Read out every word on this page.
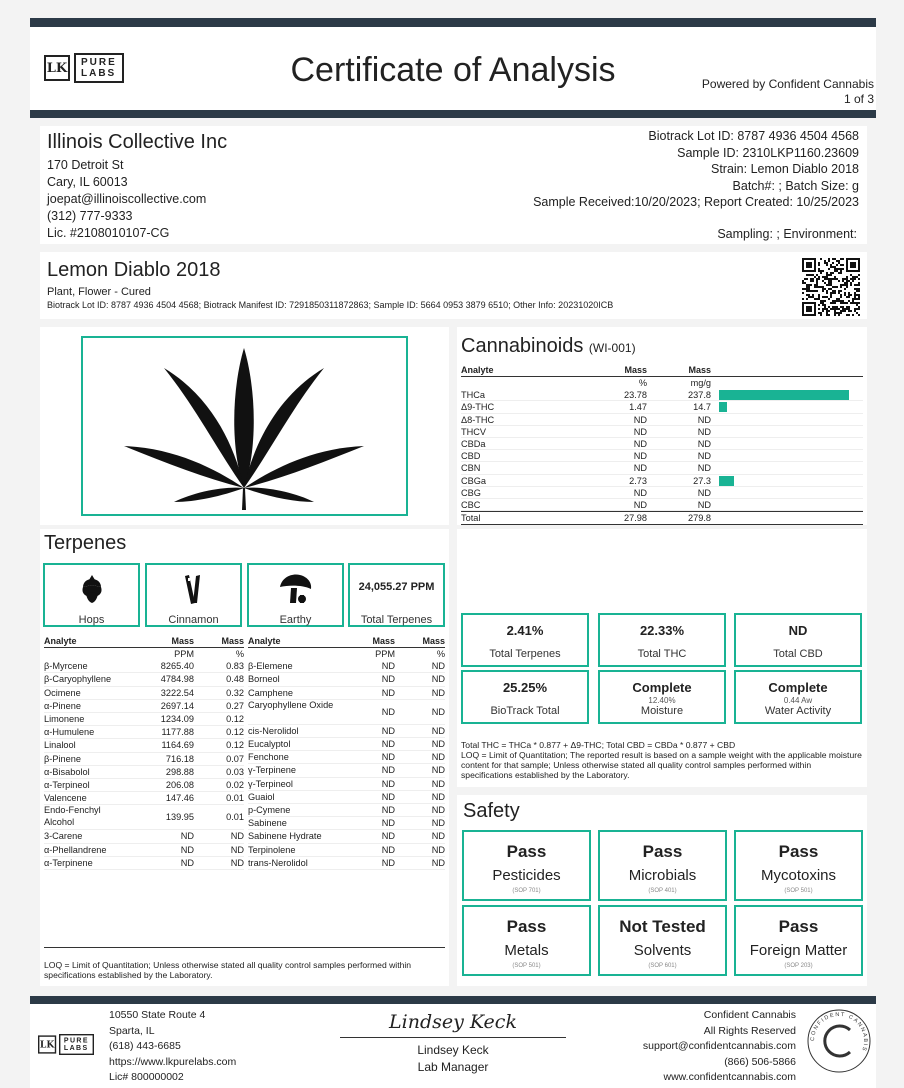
LK PURE
LABS	Certificate of Analysis	Powered by Confident Cannabis
1 of 3
Illinois Collective Inc
170 Detroit St
Cary, IL 60013
joepat@illinoiscollective.com
(312) 777-9333
Lic. #2108010107-CG
Biotrack Lot ID: 8787 4936 4504 4568
Sample ID: 2310LKP1160.23609
Strain: Lemon Diablo 2018
Batch#: ; Batch Size: g
Sample Received:10/20/2023; Report Created: 10/25/2023
Sampling: ; Environment:
Lemon Diablo 2018
Plant, Flower - Cured
Biotrack Lot ID: 8787 4936 4504 4568; Biotrack Manifest ID: 7291850311872863; Sample ID: 5664 0953 3879 6510; Other Info: 20231020ICB
Cannabinoids (WI-001)
Analyte	Mass	Mass
%	mg/g
THCa	23.78	237.8
Δ9-THC	1.47	14.7
Δ8-THC	ND	ND
THCV	ND	ND
CBDa	ND	ND
CBD	ND	ND
CBN	ND	ND
CBGa	2.73	27.3
CBG	ND	ND
CBC	ND	ND
Total	27.98	279.8
Terpenes
Hops	Cinnamon	Earthy
24,055.27 PPM
Total Terpenes
Analyte	Mass	Mass
PPM	%
β-Myrcene	8265.40	0.83
β-Caryophyllene	4784.98	0.48
Ocimene	3222.54	0.32
α-Pinene	2697.14	0.27
Limonene	1234.09	0.12
α-Humulene	1177.88	0.12
Linalool	1164.69	0.12
β-Pinene	716.18	0.07
α-Bisabolol	298.88	0.03
α-Terpineol	206.08	0.02
Valencene	147.46	0.01
Endo-Fenchyl Alcohol	139.95	0.01
3-Carene	ND	ND
α-Phellandrene	ND	ND
α-Terpinene	ND	ND
Analyte	Mass	Mass
PPM	%
β-Elemene	ND	ND
Borneol	ND	ND
Camphene	ND	ND
Caryophyllene Oxide
ND	ND
cis-Nerolidol	ND	ND
Eucalyptol	ND	ND
Fenchone	ND	ND
γ-Terpinene	ND	ND
γ-Terpineol	ND	ND
Guaiol	ND	ND
p-Cymene	ND	ND
Sabinene	ND	ND
Sabinene Hydrate	ND	ND
Terpinolene	ND	ND
trans-Nerolidol	ND	ND
LOQ = Limit of Quantitation; Unless otherwise stated all quality control samples performed within specifications established by the Laboratory.
2.41%
Total Terpenes
22.33%
Total THC
ND
Total CBD
25.25%
BioTrack Total
Complete
12.40%
Moisture
Complete
0.44 Aw
Water Activity
Total THC = THCa * 0.877 + Δ9-THC; Total CBD = CBDa * 0.877 + CBD
LOQ = Limit of Quantitation; The reported result is based on a sample weight with the applicable moisture content for that sample; Unless otherwise stated all quality control samples performed within specifications established by the Laboratory.
Safety
Pass
Pesticides
(SOP 701)
Pass
Microbials
(SOP 401)
Pass
Mycotoxins
(SOP 501)
Pass
Metals
(SOP 501)
Not Tested
Solvents
(SOP 601)
Pass
Foreign Matter
(SOP 203)
LK PURE
LABS
10550 State Route 4
Sparta, IL
(618) 443-6685
https://www.lkpurelabs.com
Lic# 800000002
Lindsey Keck
Lindsey Keck
Lab Manager
Confident Cannabis
All Rights Reserved
support@confidentcannabis.com
(866) 506-5866
www.confidentcannabis.com
CONFIDENT CANNABIS
